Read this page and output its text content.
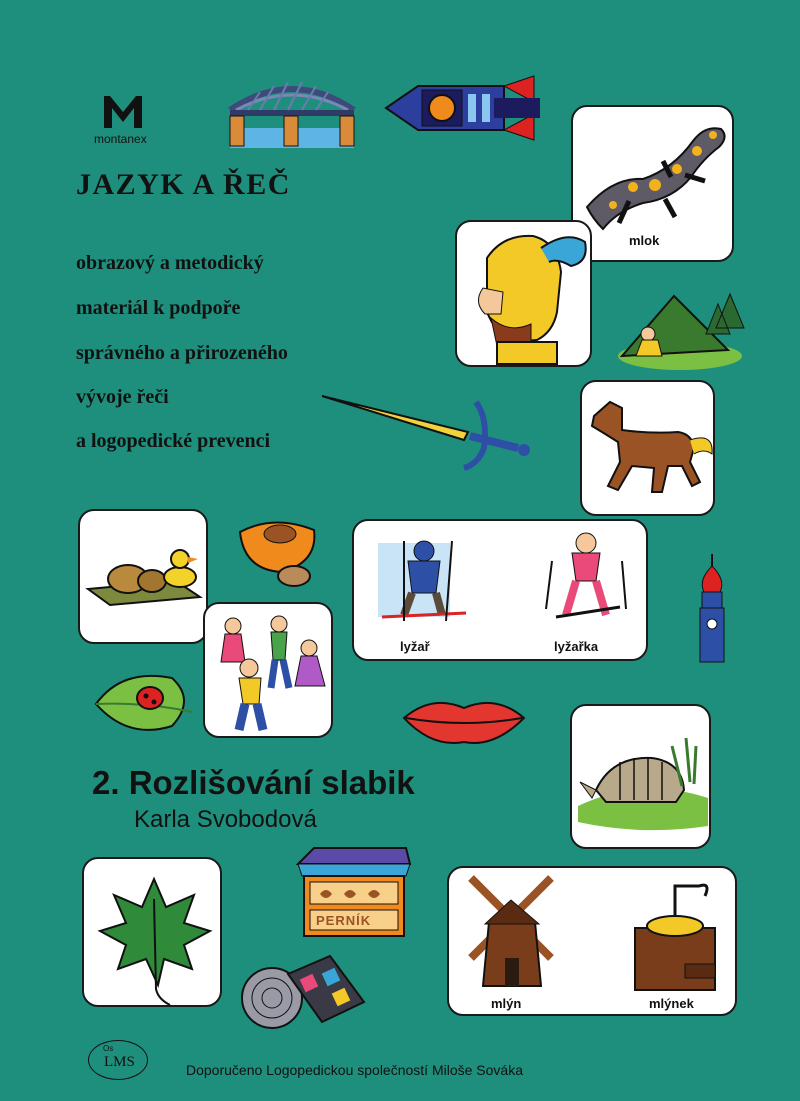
montanex
JAZYK A ŘEČ
obrazový a metodický
materiál k podpoře
správného a přirozeného
vývoje řeči
a logopedické prevenci
mlok
lyžař	lyžařka
2. Rozlišování slabik
Karla Svobodová
PERNÍK
mlýn	mlýnek
Os
LMS	Doporučeno Logopedickou společností Miloše Sováka
